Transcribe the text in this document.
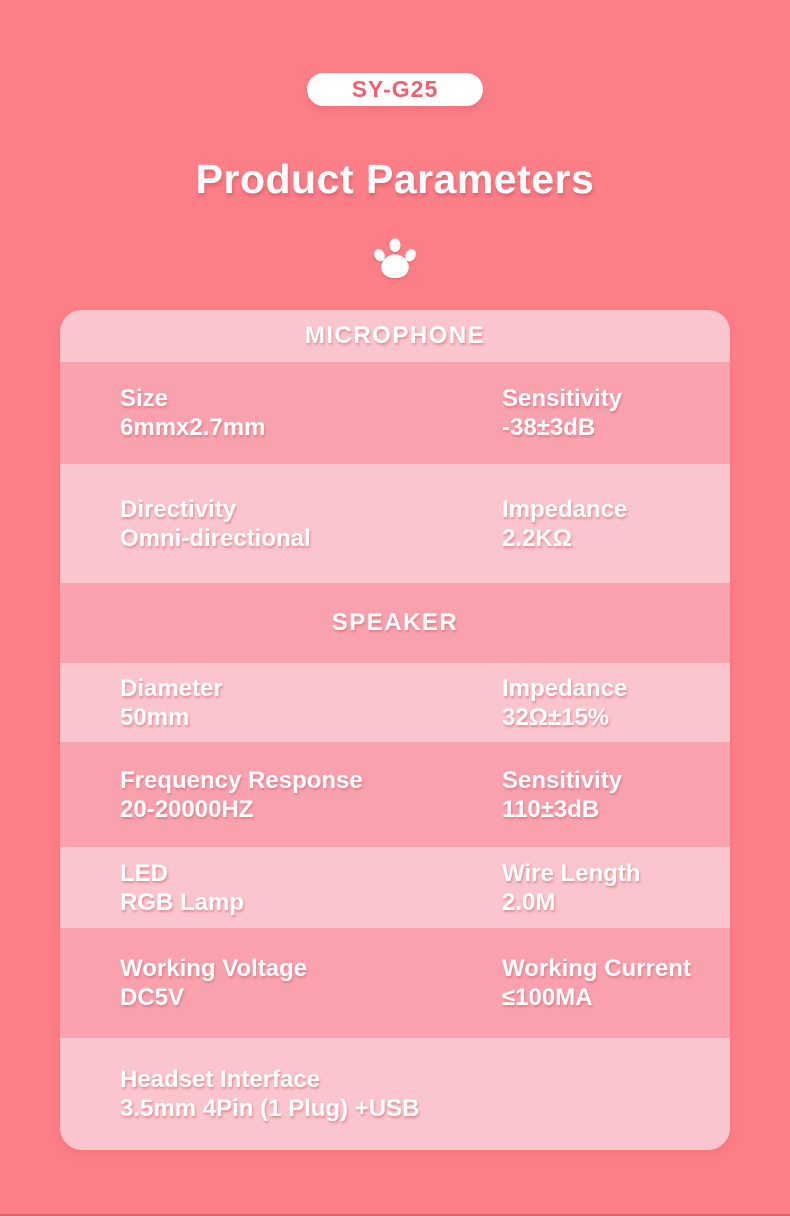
SY-G25
Product Parameters
MICROPHONE
Size
6mmx2.7mm
Sensitivity
-38±3dB
Directivity
Omni-directional
Impedance
2.2KΩ
SPEAKER
Diameter
50mm
Impedance
32Ω±15%
Frequency Response
20-20000HZ
Sensitivity
110±3dB
LED
RGB Lamp
Wire Length
2.0M
Working Voltage
DC5V
Working Current
≤100MA
Headset Interface
3.5mm 4Pin (1 Plug) +USB
